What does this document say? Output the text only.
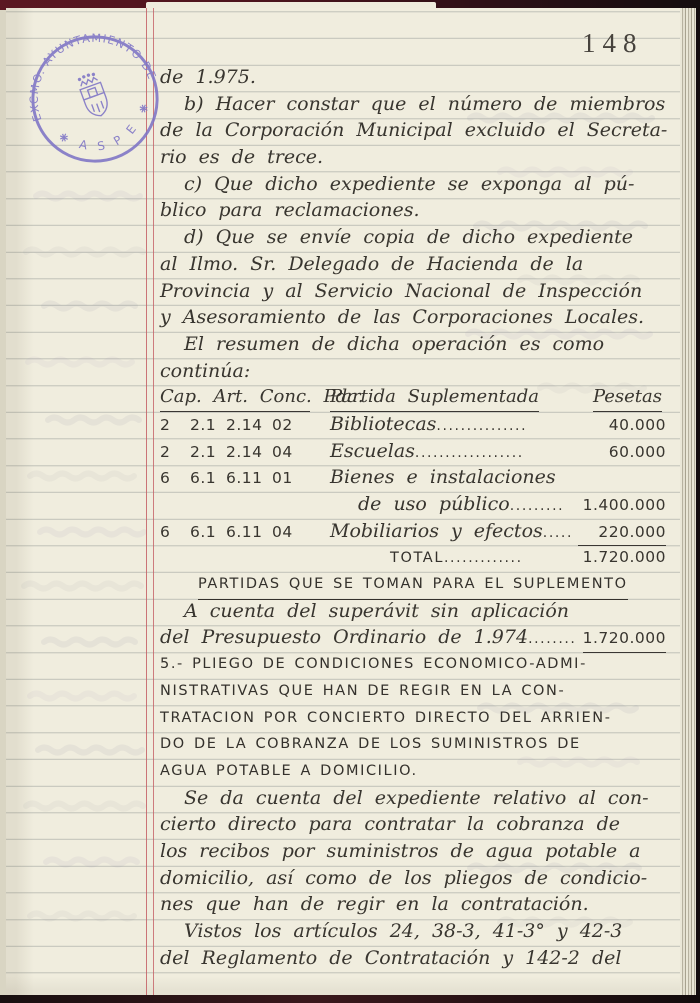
EXCMO. AYUNTAMIENTO DE
A S P E
148
de 1.975.
b) Hacer constar que el número de miembros
de la Corporación Municipal excluido el Secreta-
rio es de trece.
c) Que dicho expediente se exponga al pú-
blico para reclamaciones.
d) Que se envíe copia de dicho expediente
al Ilmo. Sr. Delegado de Hacienda de la
Provincia y al Servicio Nacional de Inspección
y Asesoramiento de las Corporaciones Locales.
El resumen de dicha operación es como
continúa:
Cap. Art. Conc. Pda.
Partida Suplementada	Pesetas
2	2.1 2.14 02	Bibliotecas ...............	40.000
2	2.1 2.14 04	Escuelas ..................	60.000
6	6.1 6.11 01	Bienes e instalaciones
de uso público ......... 1.400.000
6	6.1 6.11 04	Mobiliarios y efectos .....	220.000
TOTAL .............	1.720.000
PARTIDAS QUE SE TOMAN PARA EL SUPLEMENTO
A cuenta del superávit sin aplicación
del Presupuesto Ordinario de 1.974 ........ 1.720.000
5.- PLIEGO DE CONDICIONES ECONOMICO-ADMI-
NISTRATIVAS QUE HAN DE REGIR EN LA CON-
TRATACION POR CONCIERTO DIRECTO DEL ARRIEN-
DO DE LA COBRANZA DE LOS SUMINISTROS DE
AGUA POTABLE A DOMICILIO.
Se da cuenta del expediente relativo al con-
cierto directo para contratar la cobranza de
los recibos por suministros de agua potable a
domicilio, así como de los pliegos de condicio-
nes que han de regir en la contratación.
Vistos los artículos 24, 38-3, 41-3° y 42-3
del Reglamento de Contratación y 142-2 del
